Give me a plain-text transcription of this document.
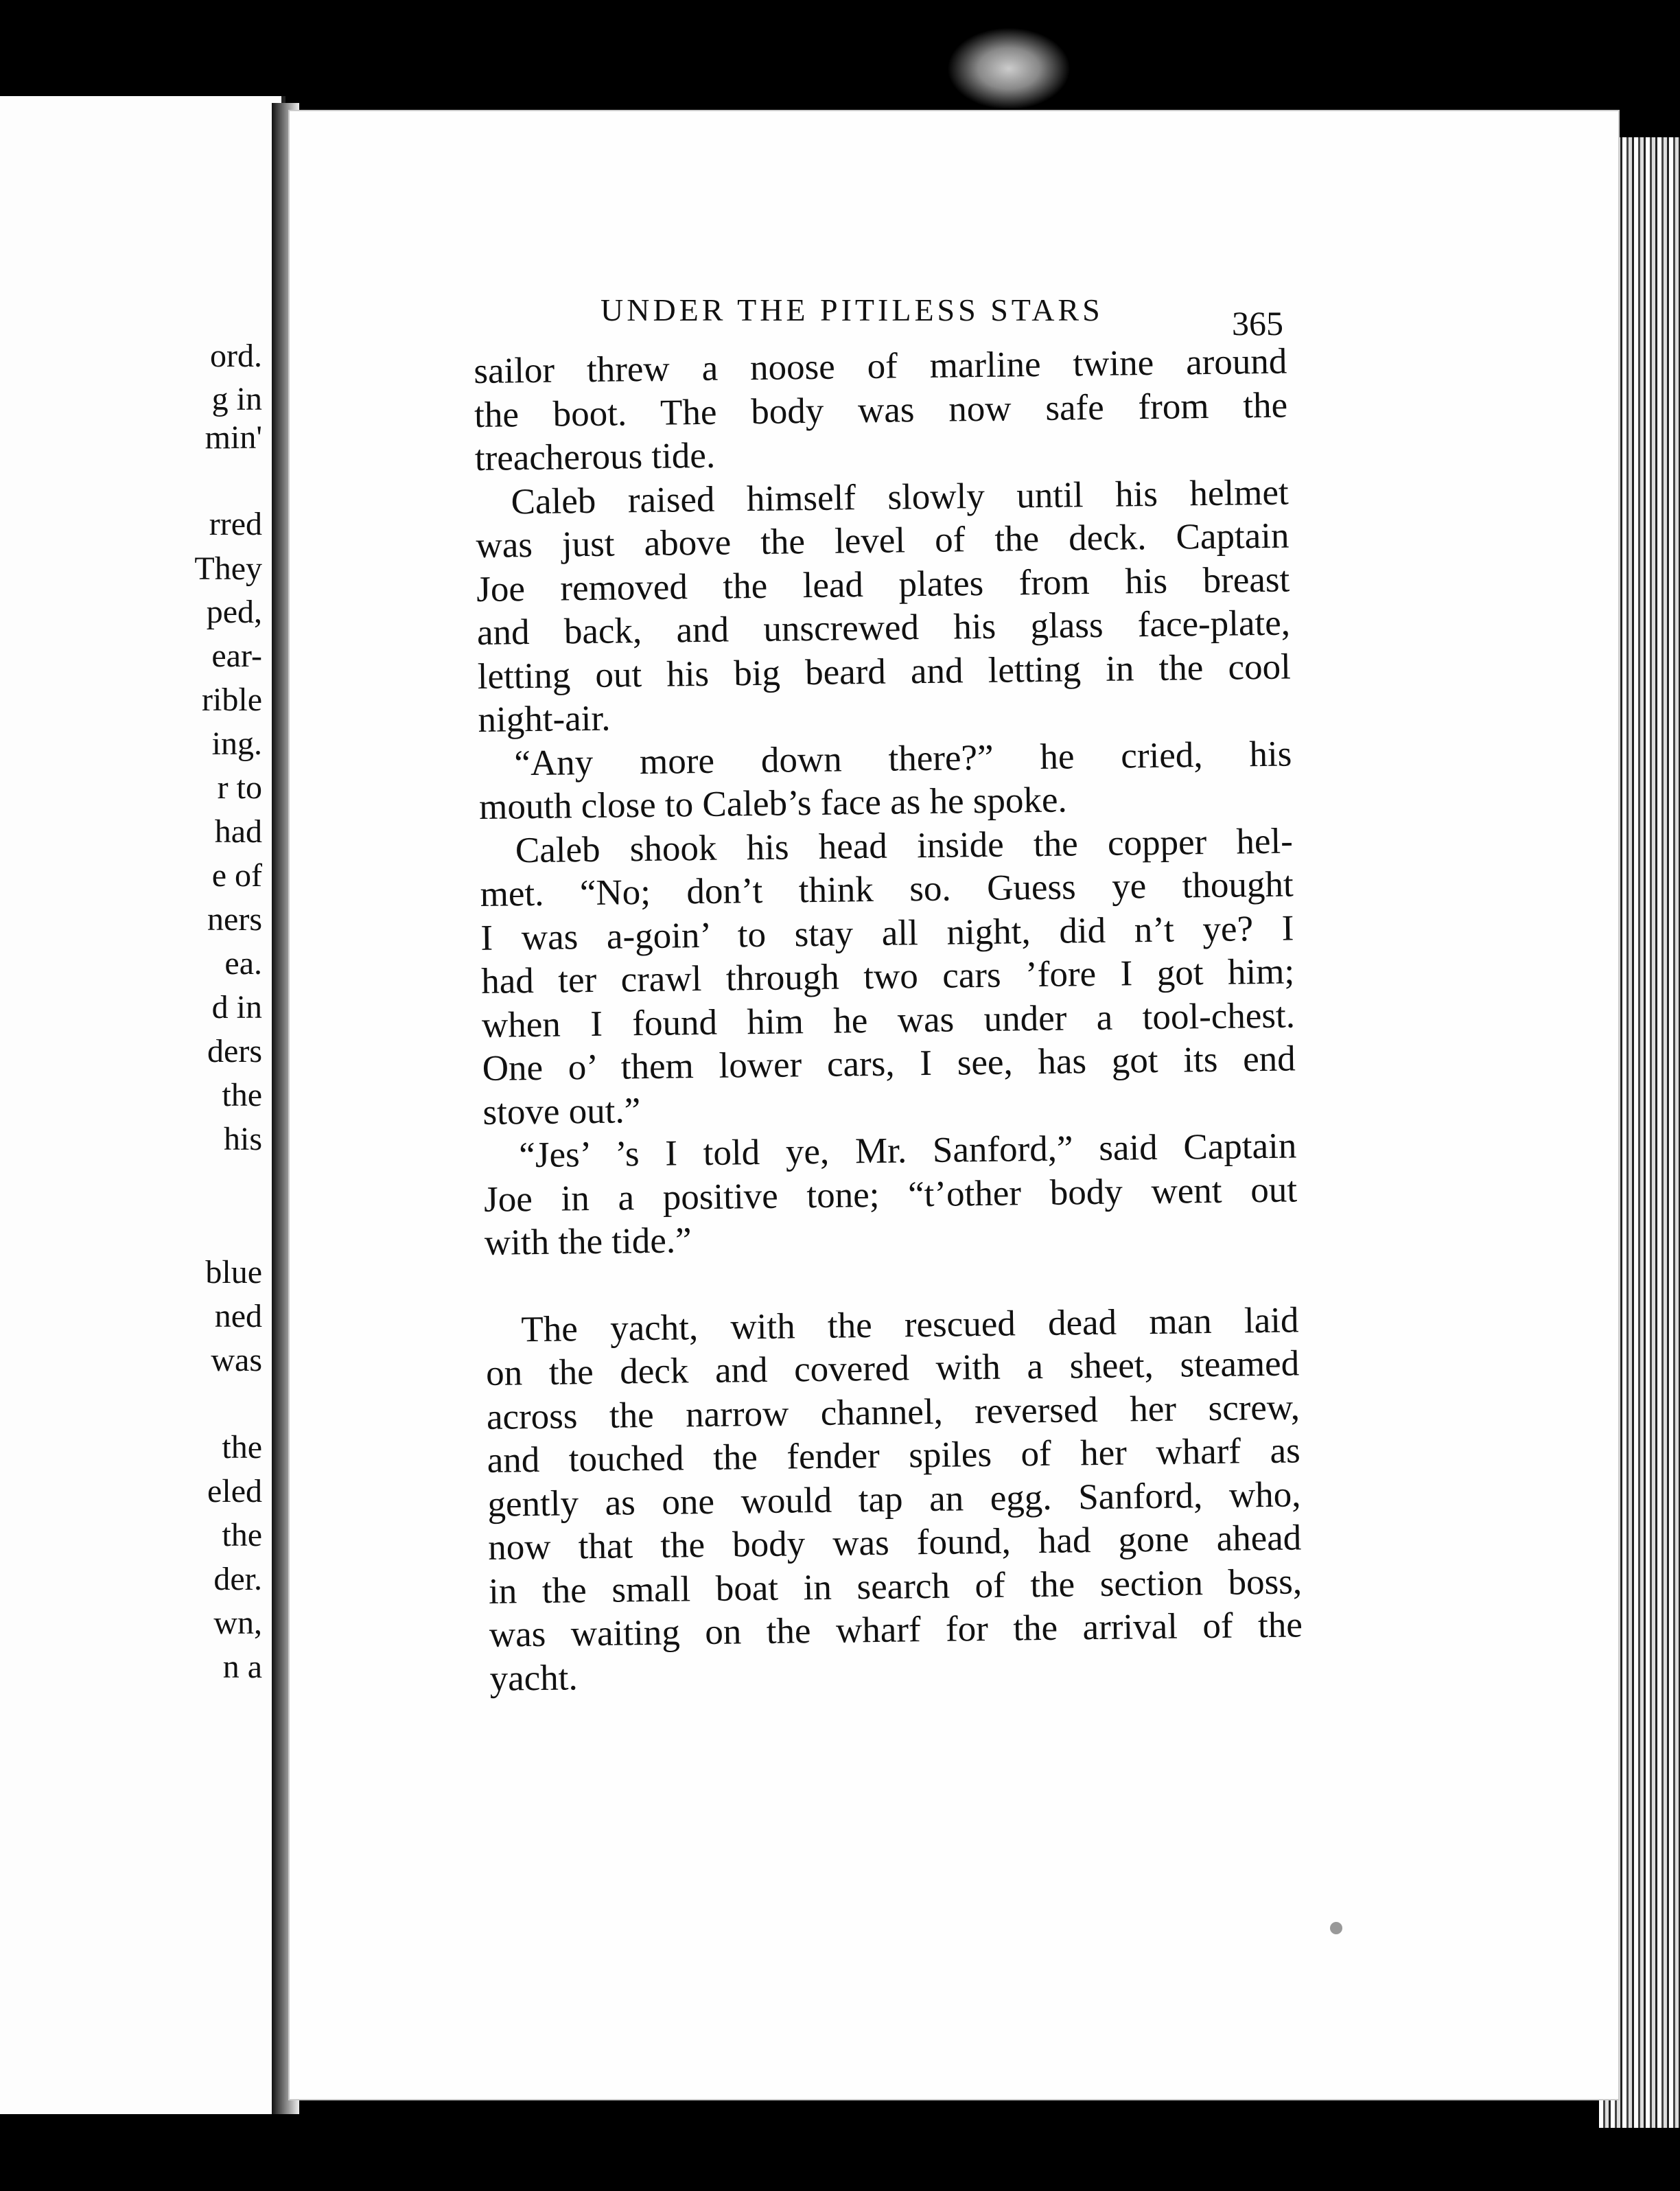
ord.
g in
min'
rred
They
ped,
ear-
rible
ing.
r to
had
e of
ners
ea.
d in
ders
the
his
blue
ned
was
the
eled
the
der.
wn,
n a
UNDER THE PITILESS STARS	365
sailor threw a noose of marline twine around
the boot. The body was now safe from the
treacherous tide.
Caleb raised himself slowly until his helmet
was just above the level of the deck. Captain
Joe removed the lead plates from his breast
and back, and unscrewed his glass face-plate,
letting out his big beard and letting in the cool
night-air.
“Any more down there?” he cried, his
mouth close to Caleb’s face as he spoke.
Caleb shook his head inside the copper hel-
met. “No; don’t think so. Guess ye thought
I was a-goin’ to stay all night, did n’t ye? I
had ter crawl through two cars ’fore I got him;
when I found him he was under a tool-chest.
One o’ them lower cars, I see, has got its end
stove out.”
“Jes’ ’s I told ye, Mr. Sanford,” said Captain
Joe in a positive tone; “t’other body went out
with the tide.”
The yacht, with the rescued dead man laid
on the deck and covered with a sheet, steamed
across the narrow channel, reversed her screw,
and touched the fender spiles of her wharf as
gently as one would tap an egg. Sanford, who,
now that the body was found, had gone ahead
in the small boat in search of the section boss,
was waiting on the wharf for the arrival of the
yacht.
